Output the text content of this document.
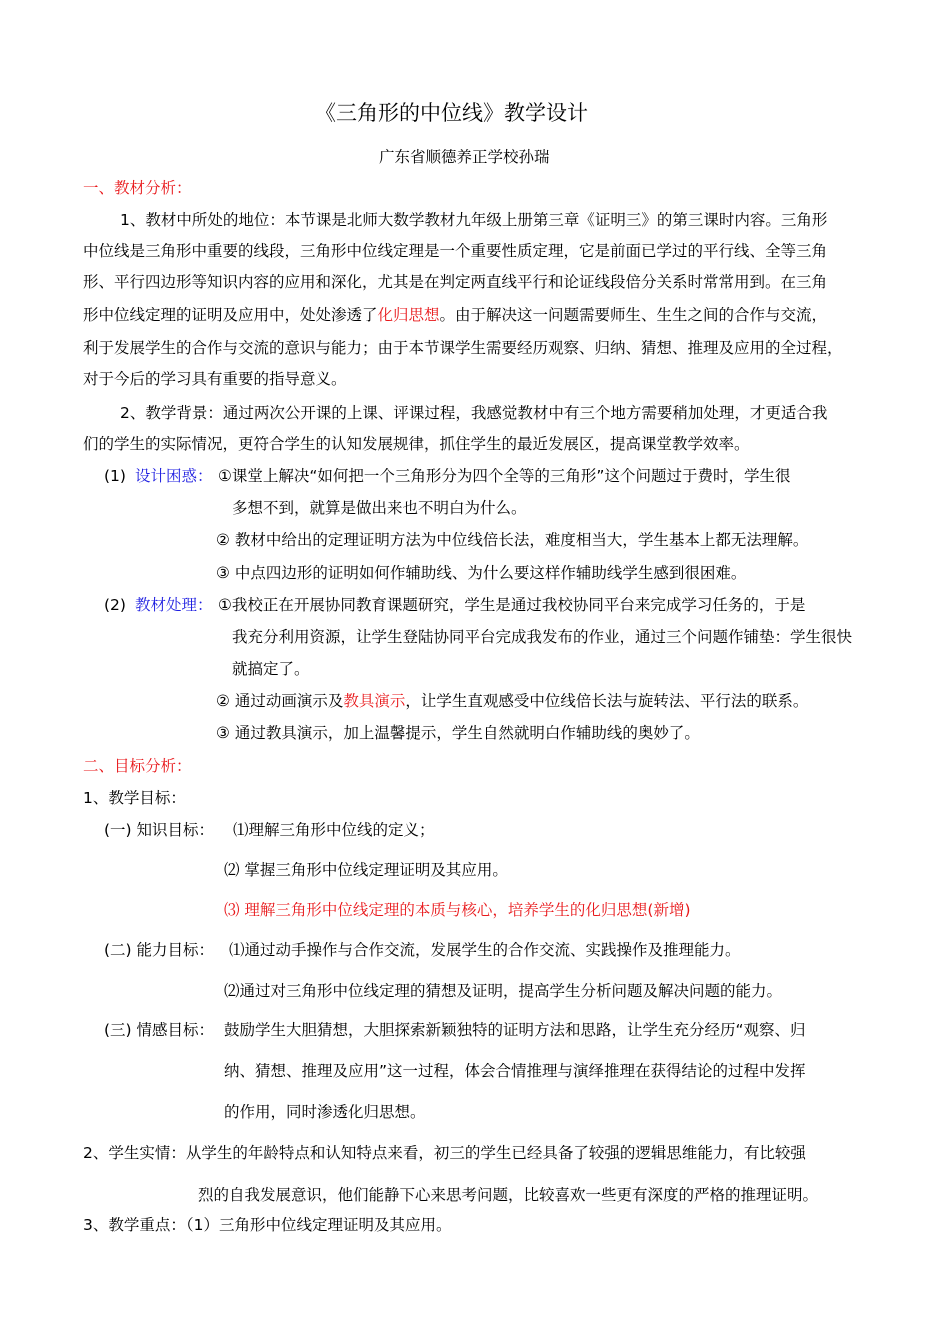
《三角形的中位线》教学设计
广东省顺德养正学校孙瑞
一、教材分析：
1、教材中所处的地位：本节课是北师大数学教材九年级上册第三章《证明三》的第三课时内容。三角形
中位线是三角形中重要的线段，三角形中位线定理是一个重要性质定理，它是前面已学过的平行线、全等三角
形、平行四边形等知识内容的应用和深化，尤其是在判定两直线平行和论证线段倍分关系时常常用到。在三角
形中位线定理的证明及应用中，处处渗透了化归思想。由于解决这一问题需要师生、生生之间的合作与交流，
利于发展学生的合作与交流的意识与能力；由于本节课学生需要经历观察、归纳、猜想、推理及应用的全过程，
对于今后的学习具有重要的指导意义。
2、教学背景：通过两次公开课的上课、评课过程，我感觉教材中有三个地方需要稍加处理，才更适合我
们的学生的实际情况，更符合学生的认知发展规律，抓住学生的最近发展区，提高课堂教学效率。
(1) 设计困惑： ①课堂上解决“如何把一个三角形分为四个全等的三角形”这个问题过于费时，学生很
多想不到，就算是做出来也不明白为什么。
② 教材中给出的定理证明方法为中位线倍长法，难度相当大，学生基本上都无法理解。
③ 中点四边形的证明如何作辅助线、为什么要这样作辅助线学生感到很困难。
(2) 教材处理： ①我校正在开展协同教育课题研究，学生是通过我校协同平台来完成学习任务的，于是
我充分利用资源，让学生登陆协同平台完成我发布的作业，通过三个问题作铺垫：学生很快
就搞定了。
② 通过动画演示及教具演示，让学生直观感受中位线倍长法与旋转法、平行法的联系。
③ 通过教具演示，加上温馨提示，学生自然就明白作辅助线的奥妙了。
二、目标分析：
1、教学目标：
(一) 知识目标： ⑴理解三角形中位线的定义；
⑵ 掌握三角形中位线定理证明及其应用。
⑶ 理解三角形中位线定理的本质与核心，培养学生的化归思想(新增)
(二) 能力目标： ⑴通过动手操作与合作交流，发展学生的合作交流、实践操作及推理能力。
⑵通过对三角形中位线定理的猜想及证明，提高学生分析问题及解决问题的能力。
(三) 情感目标： 鼓励学生大胆猜想，大胆探索新颖独特的证明方法和思路，让学生充分经历“观察、归
纳、猜想、推理及应用”这一过程，体会合情推理与演绎推理在获得结论的过程中发挥
的作用，同时渗透化归思想。
2、学生实情：从学生的年龄特点和认知特点来看，初三的学生已经具备了较强的逻辑思维能力，有比较强
烈的自我发展意识，他们能静下心来思考问题，比较喜欢一些更有深度的严格的推理证明。
3、教学重点：（1）三角形中位线定理证明及其应用。
